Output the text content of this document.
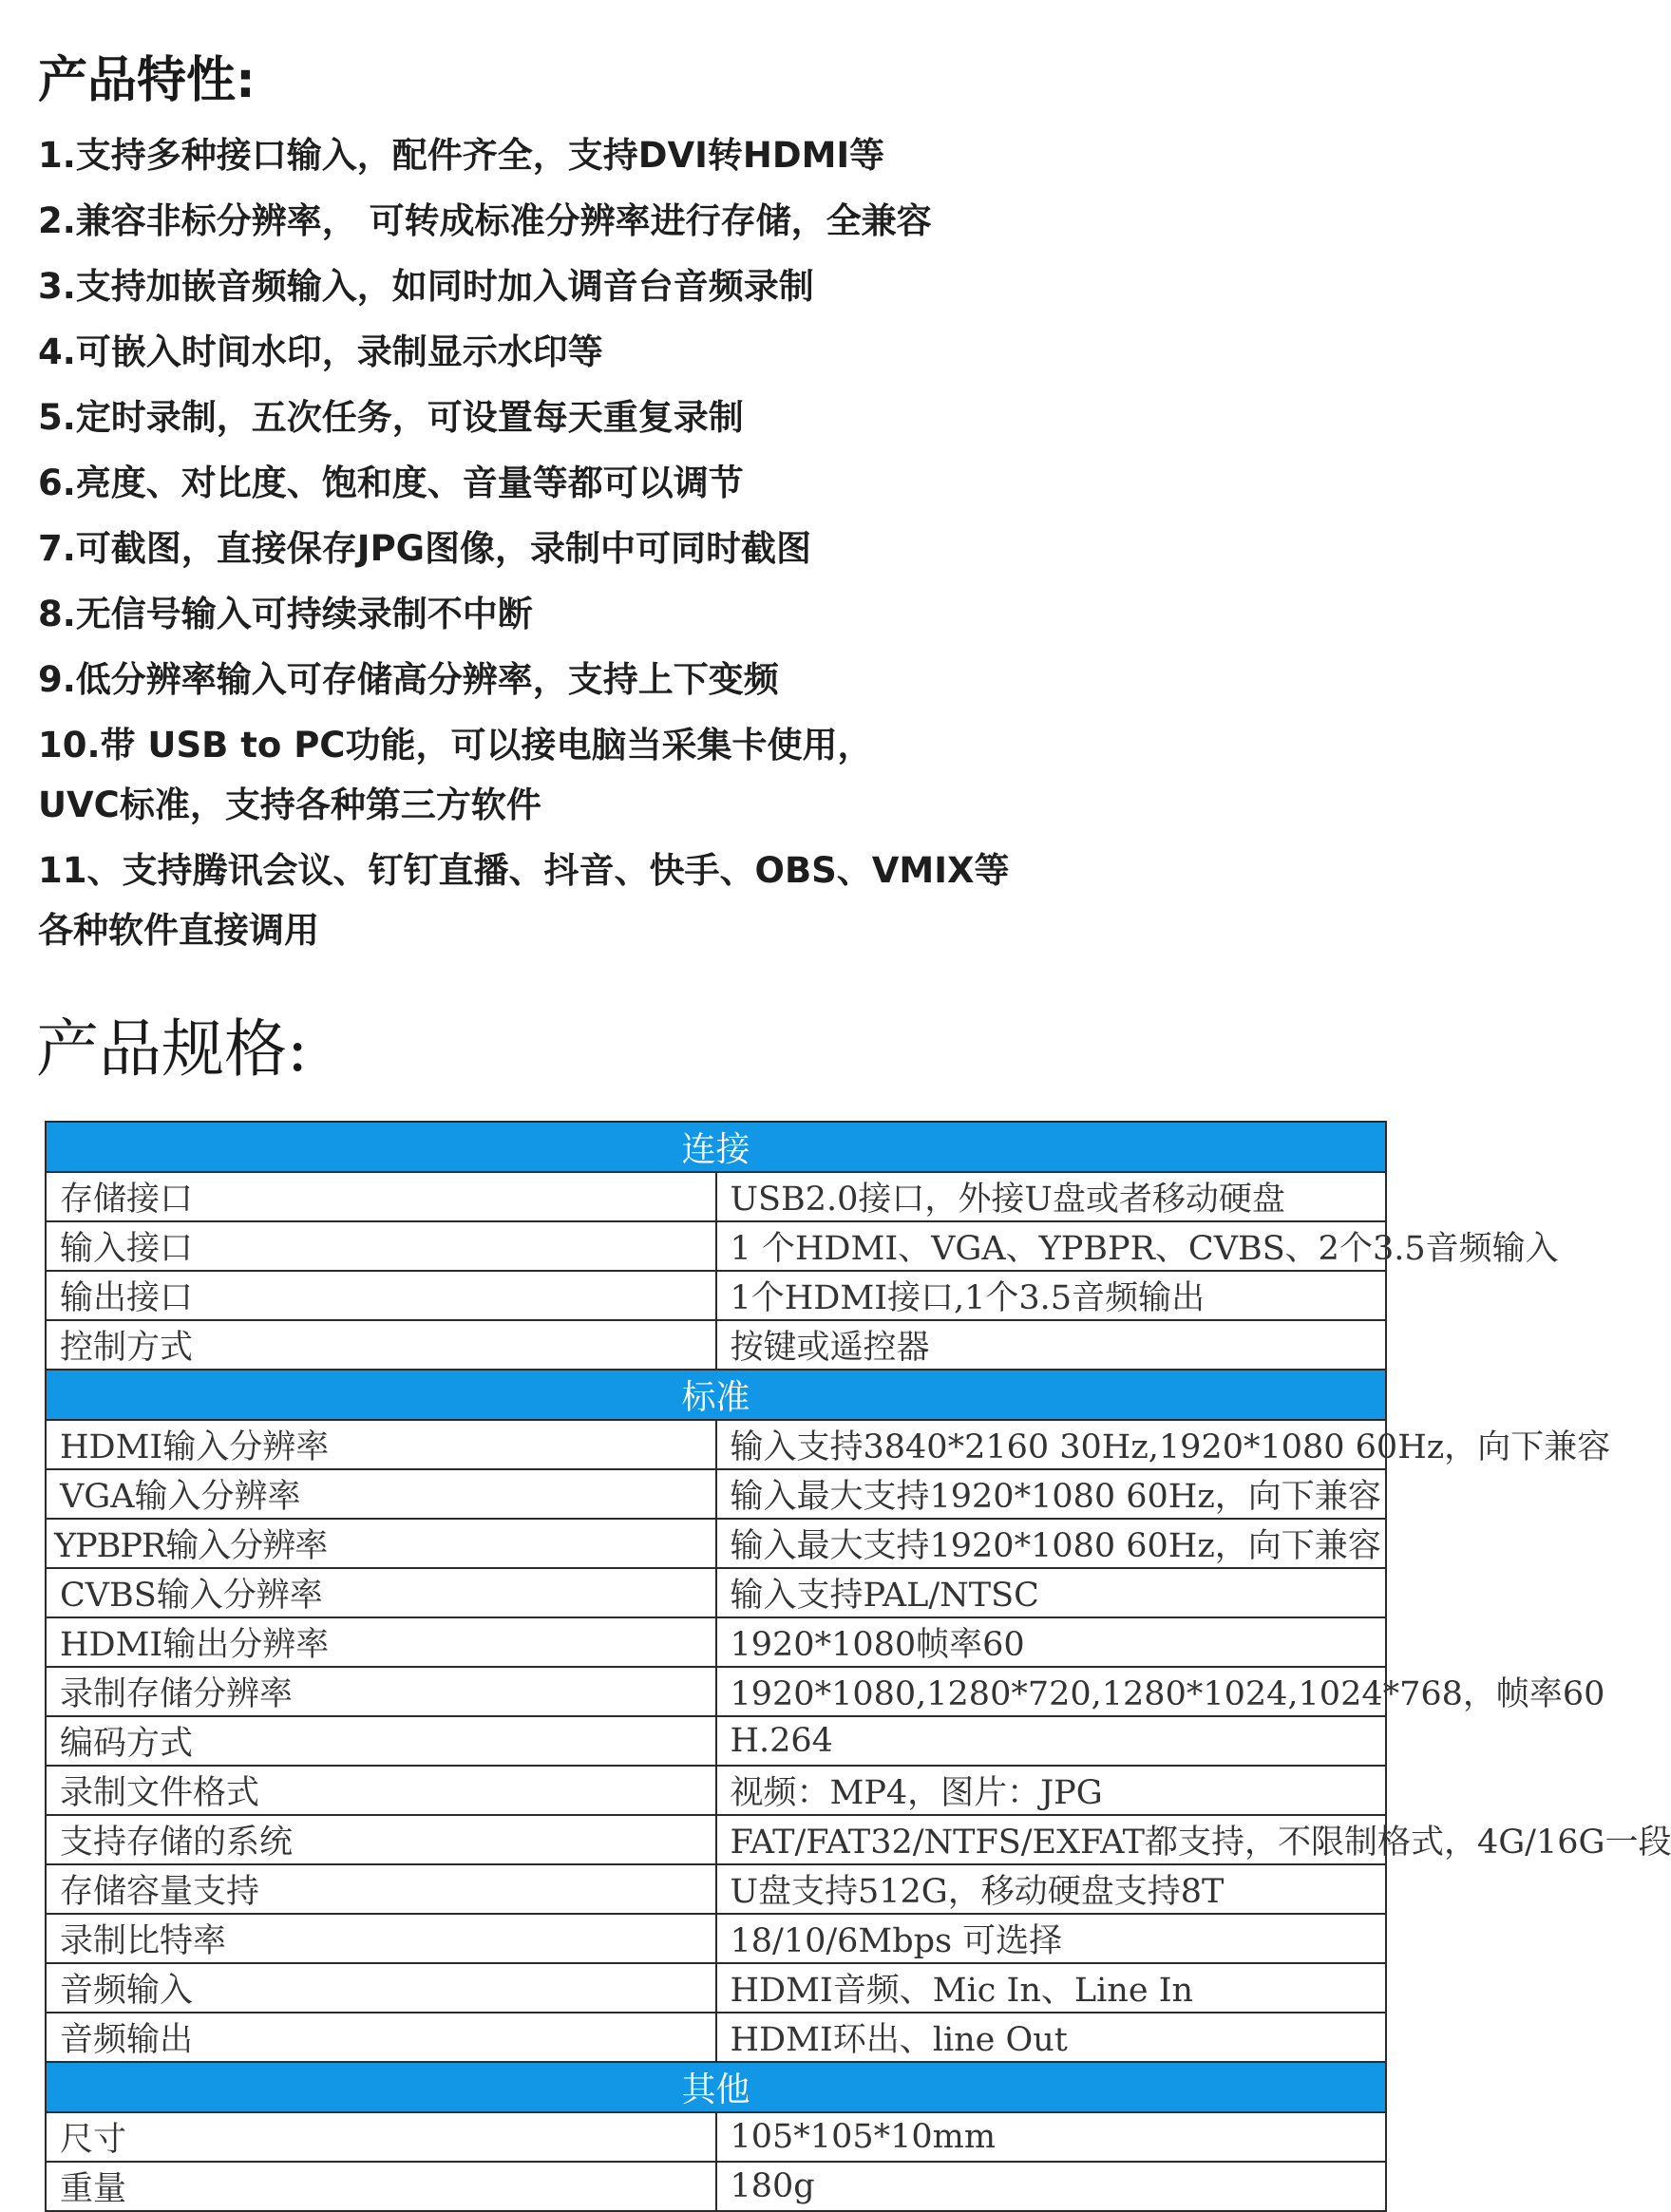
产品特性:
1.支持多种接口输入，配件齐全，支持DVI转HDMI等
2.兼容非标分辨率， 可转成标准分辨率进行存储，全兼容
3.支持加嵌音频输入，如同时加入调音台音频录制
4.可嵌入时间水印，录制显示水印等
5.定时录制，五次任务，可设置每天重复录制
6.亮度、对比度、饱和度、音量等都可以调节
7.可截图，直接保存JPG图像，录制中可同时截图
8.无信号输入可持续录制不中断
9.低分辨率输入可存储高分辨率，支持上下变频
10.带 USB to PC功能，可以接电脑当采集卡使用，
UVC标准，支持各种第三方软件
11、支持腾讯会议、钉钉直播、抖音、快手、OBS、VMIX等
各种软件直接调用
产品规格:
连接	
存储接口	USB2.0接口，外接U盘或者移动硬盘
输入接口	1 个HDMI、VGA、YPBPR、CVBS、2个3.5音频输入
输出接口	1个HDMI接口,1个3.5音频输出
控制方式	按键或遥控器
标准	
HDMI输入分辨率	输入支持3840*2160 30Hz,1920*1080 60Hz，向下兼容
VGA输入分辨率	输入最大支持1920*1080 60Hz，向下兼容
YPBPR输入分辨率	输入最大支持1920*1080 60Hz，向下兼容
CVBS输入分辨率	输入支持PAL/NTSC
HDMI输出分辨率	1920*1080帧率60
录制存储分辨率	1920*1080,1280*720,1280*1024,1024*768，帧率60
编码方式	H.264
录制文件格式	视频：MP4，图片：JPG
支持存储的系统	FAT/FAT32/NTFS/EXFAT都支持，不限制格式，4G/16G一段
存储容量支持	U盘支持512G，移动硬盘支持8T
录制比特率	18/10/6Mbps 可选择
音频输入	HDMI音频、Mic In、Line In
音频输出	HDMI环出、line Out
其他	
尺寸	105*105*10mm
重量	180g
